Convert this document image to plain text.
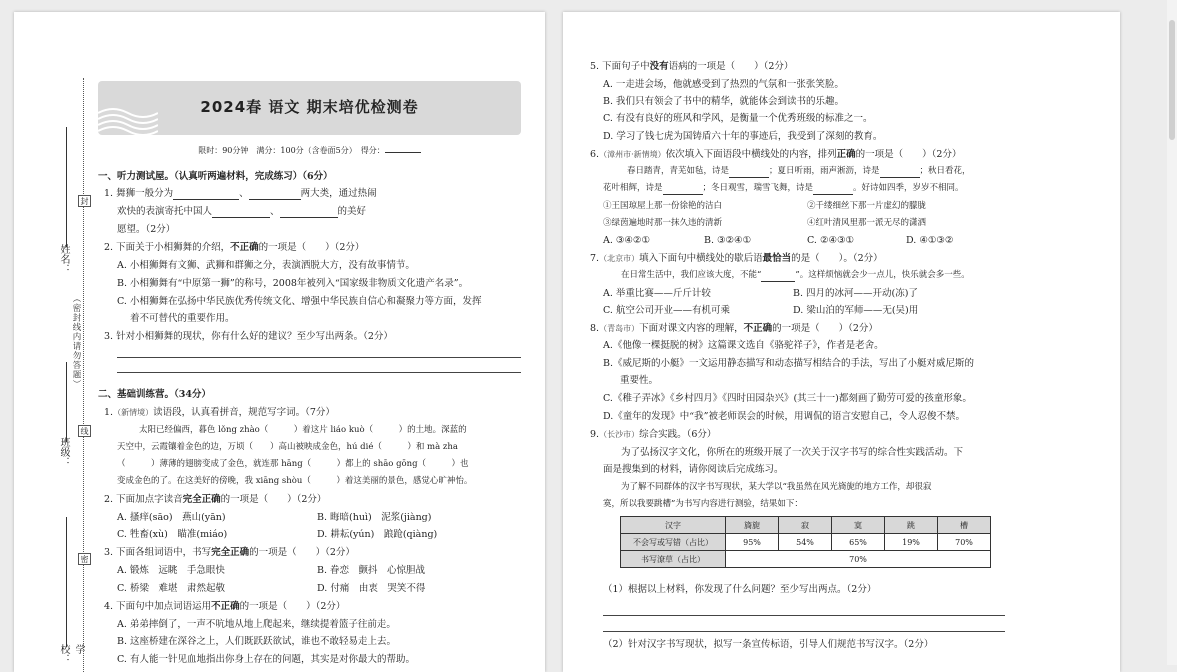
姓名：
班级：
学校：
封
线
密
（密封线内请勿答题）
2024春 语文 期末培优检测卷
限时：90分钟　满分：100分（含卷面5分）　得分：
一、听力测试屋。（认真听两遍材料，完成练习）（6分）
1. 舞狮一般分为	、	两大类，通过热闹
欢快的表演寄托中国人	、	的美好
愿望。（2分）
2. 下面关于小相狮舞的介绍，不正确的一项是（　　）（2分）
A. 小相狮舞有文狮、武狮和群狮之分，表演洒脱大方，没有故事情节。
B. 小相狮舞有“中原第一狮”的称号，2008年被列入“国家级非物质文化遗产名录”。
C. 小相狮舞在弘扬中华民族优秀传统文化、增强中华民族自信心和凝聚力等方面，发挥
着不可替代的重要作用。
3. 针对小相狮舞的现状，你有什么好的建议？至少写出两条。（2分）
二、基础训练营。（34分）
1.（新情境）读语段，认真看拼音，规范写字词。（7分）
太阳已经偏西，暮色 lǒng zhào（　　　）着这片 liáo kuò（　　　）的土地。深蓝的
天空中，云霞镶着金色的边，万顷（　　）高山被映成金色，hú dié（　　　）和 mà zha
（　　　）薄薄的翅膀变成了金色，就连那 hāng（　　　）都上的 shāo gōng（　　　）也
变成金色的了。在这美好的傍晚，我 xiāng shòu（　　　）着这美丽的景色，感觉心旷神怡。
2. 下面加点字读音完全正确的一项是（　　）（2分）
A. 搔痒(sāo)　燕山(yān)	B. 晦暗(huì)　泥浆(jiàng)
C. 牲畜(xù)　瞄准(miáo)	D. 耕耘(yún)　踉跄(qiàng)
3. 下面各组词语中，书写完全正确的一项是（　　）（2分）
A. 锻炼　远眺　手急眼快	B. 眷恋　颤抖　心惊胆战
C. 桥梁　难堪　肃然起敬	D. 付痛　由衷　哭笑不得
4. 下面句中加点词语运用不正确的一项是（　　）（2分）
A. 弟弟摔倒了，一声不吭地从地上爬起来，继续提着篮子往前走。
B. 这座桥建在深谷之上，人们既跃跃欲试，谁也不敢轻易走上去。
C. 有人能一针见血地指出你身上存在的问题，其实是对你最大的帮助。
5. 下面句子中没有语病的一项是（　　）（2分）
A. 一走进会场，他就感受到了热烈的气氛和一张张笑脸。
B. 我们只有领会了书中的精华，就能体会到读书的乐趣。
C. 有没有良好的班风和学风，是衡量一个优秀班级的标准之一。
D. 学习了钱七虎为国铸盾六十年的事迹后，我受到了深刻的教育。
6.（漳州市·新情境）依次填入下面语段中横线处的内容，排列正确的一项是（　　）（2分）
春日踏青，青芜如毡，诗是	；夏日听雨，雨声淅沥，诗是	；秋日看花，
花叶相辉，诗是	；冬日观雪，瑞雪飞舞，诗是	。好诗如四季，岁岁不相同。
①王国琼屋上那一份徐艳的洁白	②千缕细丝下那一片虚幻的朦胧
③绿茵遍地时那一抹久违的清新	④红叶清风里那一派无尽的潇洒
A. ③④②①	B. ③②④①	C. ②④③①	D. ④①③②
7.（北京市）填入下面句中横线处的歇后语最恰当的是（　　）。（2分）
在日常生活中，我们应该大度，不能“	”。这样烦恼就会少一点儿，快乐就会多一些。
A. 举重比赛——斤斤计较	B. 四月的冰河——开动(冻)了
C. 航空公司开业——有机可乘	D. 梁山泊的军师——无(吴)用
8.（青岛市）下面对课文内容的理解，不正确的一项是（　　）（2分）
A.《他像一棵挺脱的树》这篇课文选自《骆驼祥子》，作者是老舍。
B.《威尼斯的小艇》一文运用静态描写和动态描写相结合的手法，写出了小艇对威尼斯的
重要性。
C.《稚子弄冰》《乡村四月》《四时田园杂兴》(其三十一)都刻画了勤劳可爱的孩童形象。
D.《童年的发现》中“我”被老师误会的时候，用调侃的语言安慰自己，令人忍俊不禁。
9.（长沙市）综合实践。（6分）
为了弘扬汉字文化，你所在的班级开展了一次关于汉字书写的综合性实践活动。下
面是搜集到的材料，请你阅读后完成练习。
为了解不同群体的汉字书写现状，某大学以“我虽然在风光旖旎的地方工作，却很寂
寞，所以我要跳槽”为书写内容进行测验，结果如下：
汉字	旖旎	寂	寞	跳	槽
不会写或写错（占比）	95%	54%	65%	19%	70%
书写潦草（占比）	70%				
（1）根据以上材料，你发现了什么问题？至少写出两点。（2分）
（2）针对汉字书写现状，拟写一条宣传标语，引导人们规范书写汉字。（2分）
